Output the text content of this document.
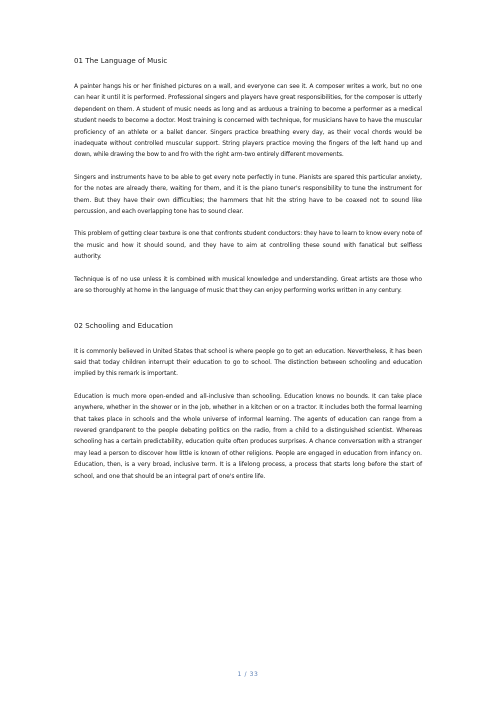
01 The Language of Music

A painter hangs his or her finished pictures on a wall, and everyone can see it. A composer writes a work, but no one can hear it until it is performed. Professional singers and players have great responsibilities, for the composer is utterly dependent on them. A student of music needs as long and as arduous a training to become a performer as a medical student needs to become a doctor. Most training is concerned with technique, for musicians have to have the muscular proficiency of an athlete or a ballet dancer. Singers practice breathing every day, as their vocal chords would be inadequate without controlled muscular support. String players practice moving the fingers of the left hand up and down, while drawing the bow to and fro with the right arm-two entirely different movements.

Singers and instruments have to be able to get every note perfectly in tune. Pianists are spared this particular anxiety, for the notes are already there, waiting for them, and it is the piano tuner's responsibility to tune the instrument for them. But they have their own difficulties; the hammers that hit the string have to be coaxed not to sound like percussion, and each overlapping tone has to sound clear.

This problem of getting clear texture is one that confronts student conductors: they have to learn to know every note of the music and how it should sound, and they have to aim at controlling these sound with fanatical but selfless authority.

Technique is of no use unless it is combined with musical knowledge and understanding. Great artists are those who are so thoroughly at home in the language of music that they can enjoy performing works written in any century.

02 Schooling and Education

It is commonly believed in United States that school is where people go to get an education. Nevertheless, it has been said that today children interrupt their education to go to school. The distinction between schooling and education implied by this remark is important.

Education is much more open-ended and all-inclusive than schooling. Education knows no bounds. It can take place anywhere, whether in the shower or in the job, whether in a kitchen or on a tractor. It includes both the formal learning that takes place in schools and the whole universe of informal learning. The agents of education can range from a revered grandparent to the people debating politics on the radio, from a child to a distinguished scientist. Whereas schooling has a certain predictability, education quite often produces surprises. A chance conversation with a stranger may lead a person to discover how little is known of other religions. People are engaged in education from infancy on. Education, then, is a very broad, inclusive term. It is a lifelong process, a process that starts long before the start of school, and one that should be an integral part of one's entire life.

1 / 33
